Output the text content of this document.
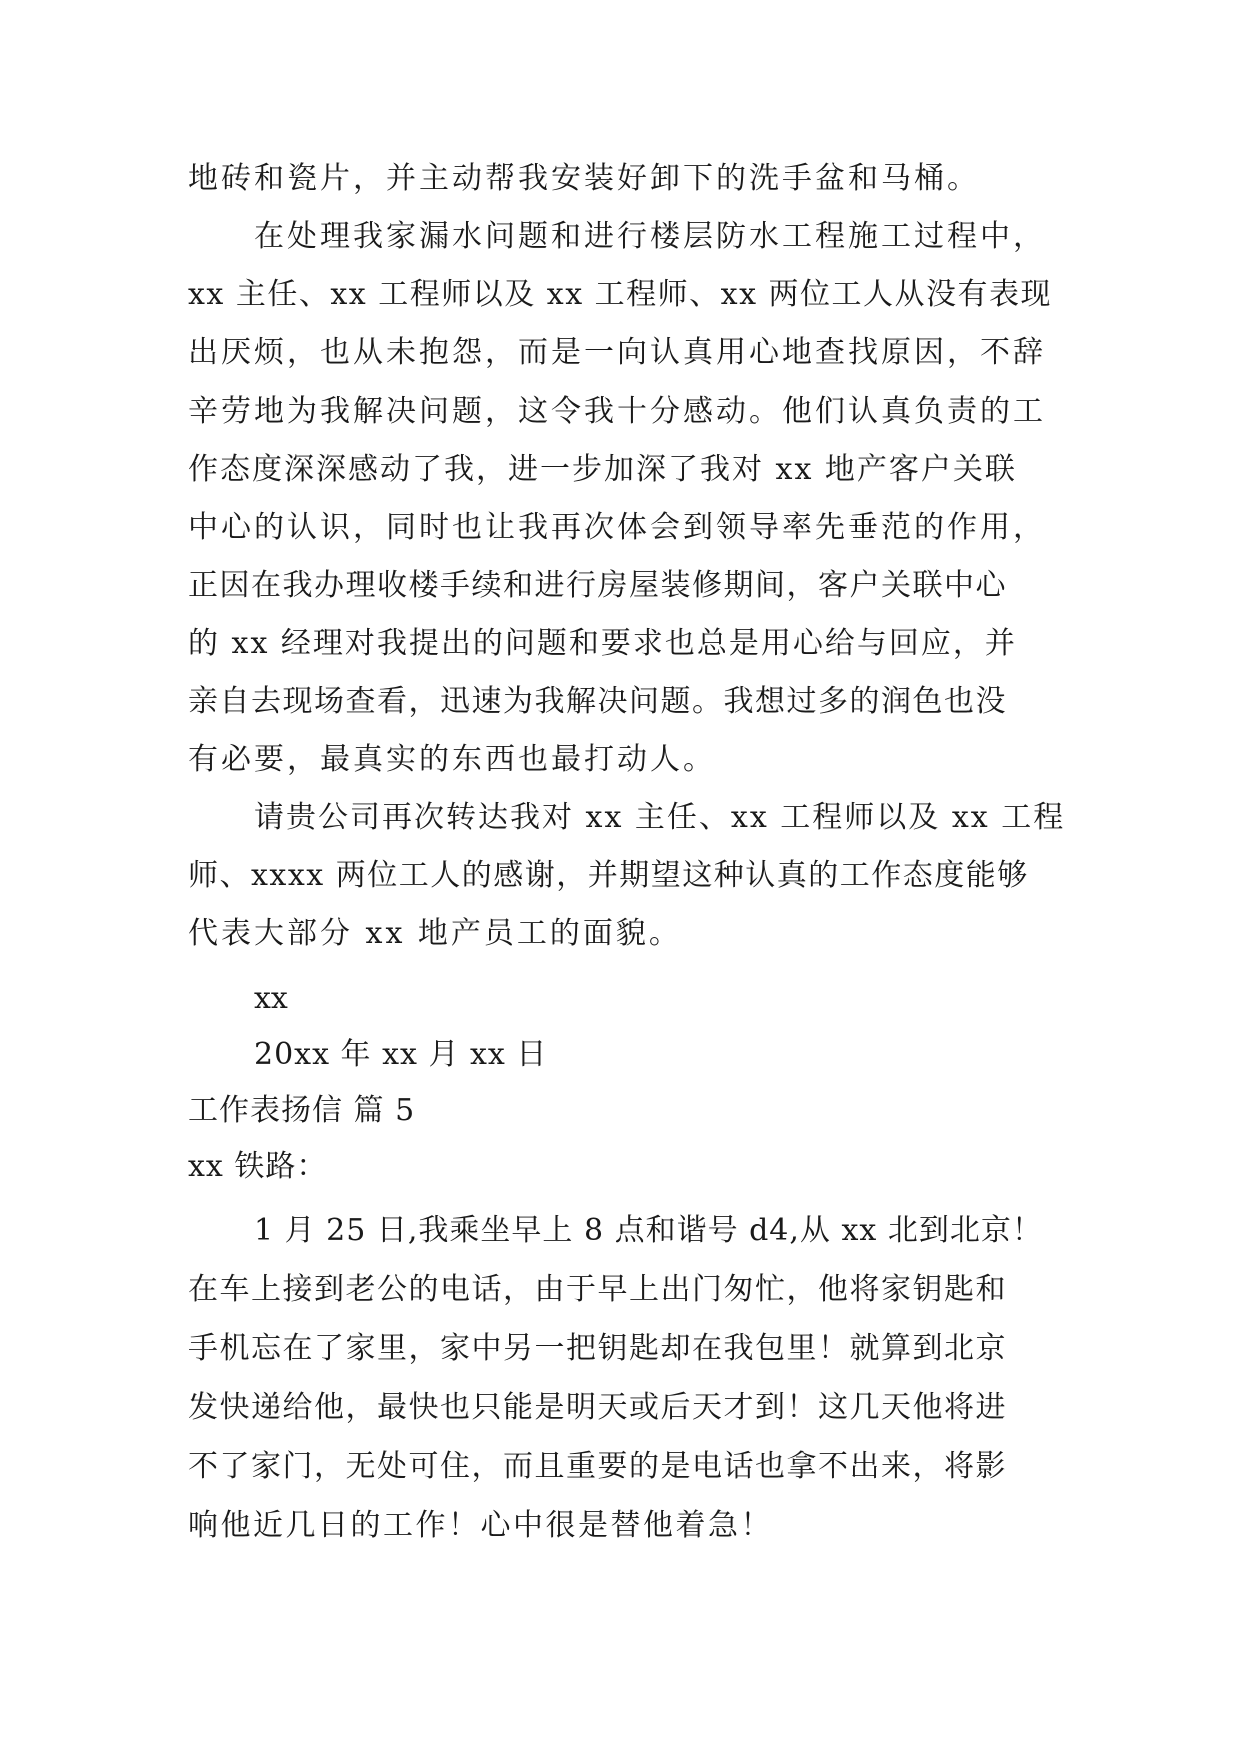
地砖和瓷片，并主动帮我安装好卸下的洗手盆和马桶。
在处理我家漏水问题和进行楼层防水工程施工过程中，
xx 主任、xx 工程师以及 xx 工程师、xx 两位工人从没有表现
出厌烦，也从未抱怨，而是一向认真用心地查找原因，不辞
辛劳地为我解决问题，这令我十分感动。他们认真负责的工
作态度深深感动了我，进一步加深了我对 xx 地产客户关联
中心的认识，同时也让我再次体会到领导率先垂范的作用，
正因在我办理收楼手续和进行房屋装修期间，客户关联中心
的 xx 经理对我提出的问题和要求也总是用心给与回应，并
亲自去现场查看，迅速为我解决问题。我想过多的润色也没
有必要，最真实的东西也最打动人。
请贵公司再次转达我对 xx 主任、xx 工程师以及 xx 工程
师、xxxx 两位工人的感谢，并期望这种认真的工作态度能够
代表大部分 xx 地产员工的面貌。
xx
20xx 年 xx 月 xx 日
工作表扬信 篇 5
xx 铁路：
1 月 25 日,我乘坐早上 8 点和谐号 d4,从 xx 北到北京！
在车上接到老公的电话，由于早上出门匆忙，他将家钥匙和
手机忘在了家里，家中另一把钥匙却在我包里！就算到北京
发快递给他，最快也只能是明天或后天才到！这几天他将进
不了家门，无处可住，而且重要的是电话也拿不出来，将影
响他近几日的工作！心中很是替他着急！
